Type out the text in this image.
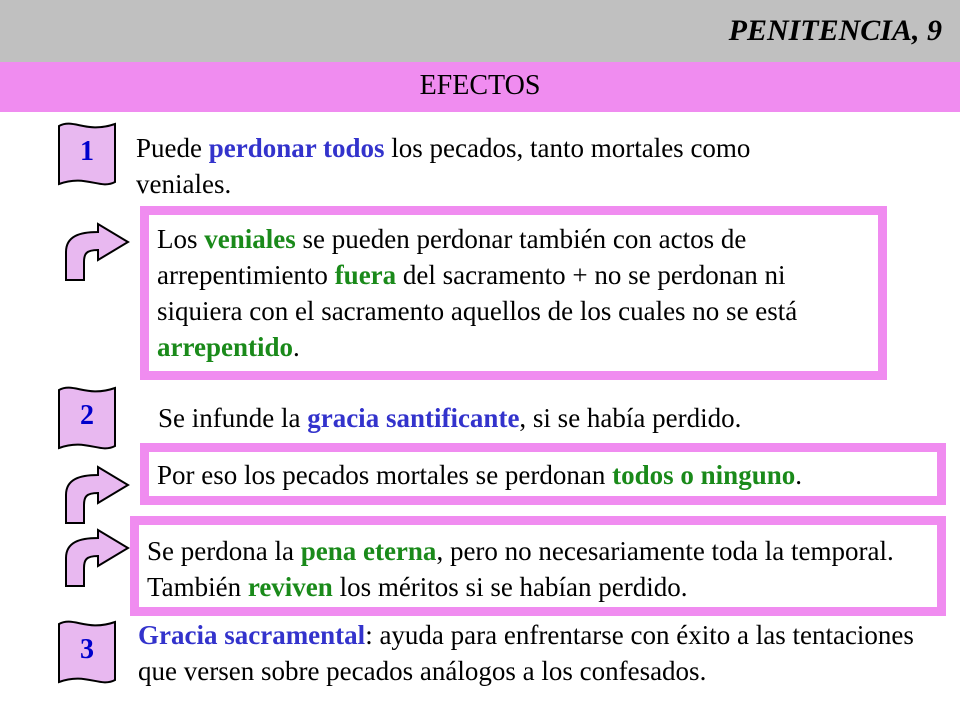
PENITENCIA, 9
EFECTOS
1	Puede perdonar todos los pecados, tanto mortales como
veniales.
Los veniales se pueden perdonar también con actos de arrepentimiento fuera del sacramento + no se perdonan ni siquiera con el sacramento aquellos de los cuales no se está arrepentido.
2	Se infunde la gracia santificante, si se había perdido.
Por eso los pecados mortales se perdonan todos o ninguno.
Se perdona la pena eterna, pero no necesariamente toda la temporal. También reviven los méritos si se habían perdido.
3	Gracia sacramental: ayuda para enfrentarse con éxito a las tentaciones que versen sobre pecados análogos a los confesados.
